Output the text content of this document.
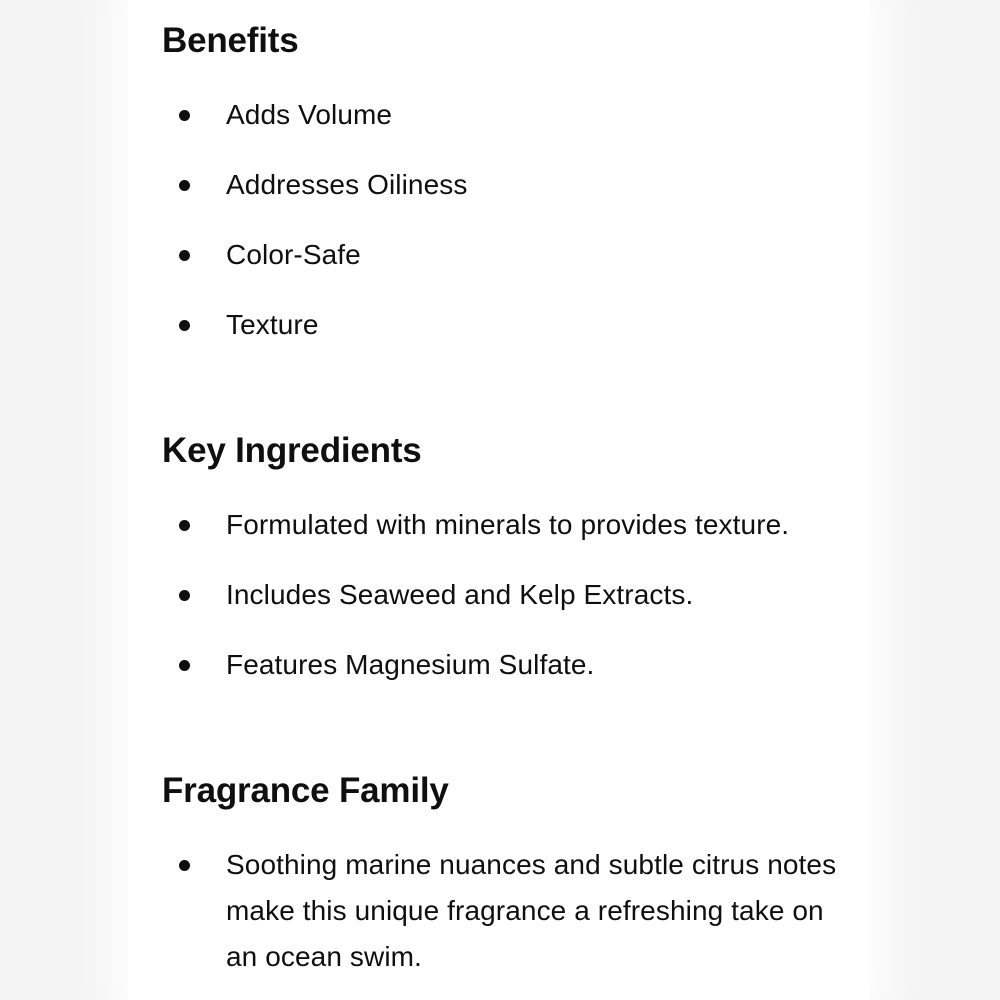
Benefits
Adds Volume
Addresses Oiliness
Color-Safe
Texture
Key Ingredients
Formulated with minerals to provides texture.
Includes Seaweed and Kelp Extracts.
Features Magnesium Sulfate.
Fragrance Family
Soothing marine nuances and subtle citrus notes make this unique fragrance a refreshing take on an ocean swim.
